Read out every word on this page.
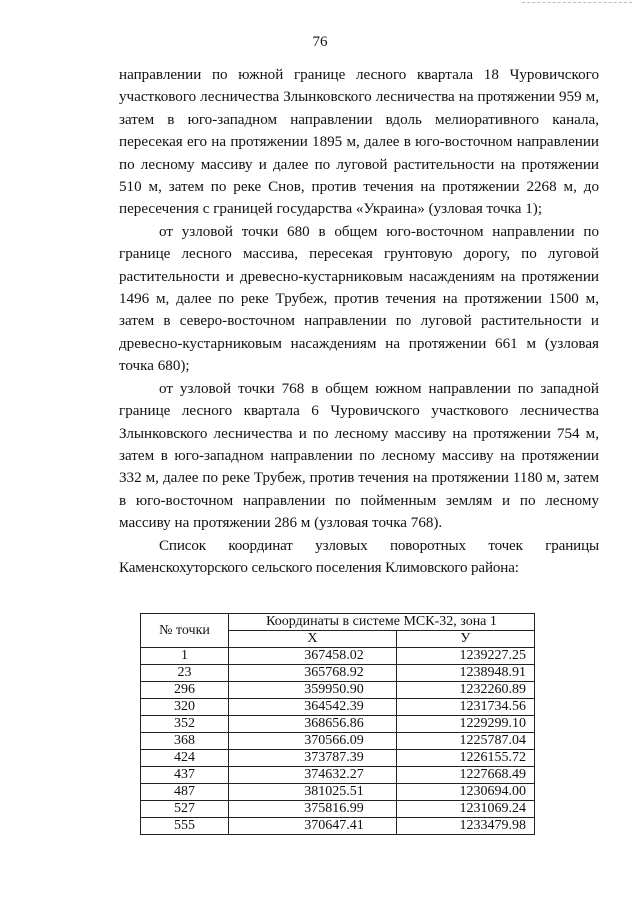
76

направлении по южной границе лесного квартала 18 Чуровичского участкового лесничества Злынковского лесничества на протяжении 959 м, затем в юго-западном направлении вдоль мелиоративного канала, пересекая его на протяжении 1895 м, далее в юго-восточном направлении по лесному массиву и далее по луговой растительности на протяжении 510 м, затем по реке Снов, против течения на протяжении 2268 м, до пересечения с границей государства «Украина» (узловая точка 1);

от узловой точки 680 в общем юго-восточном направлении по границе лесного массива, пересекая грунтовую дорогу, по луговой растительности и древесно-кустарниковым насаждениям на протяжении 1496 м, далее по реке Трубеж, против течения на протяжении 1500 м, затем в северо-восточном направлении по луговой растительности и древесно-кустарниковым насаждениям на протяжении 661 м (узловая точка 680);

от узловой точки 768 в общем южном направлении по западной границе лесного квартала 6 Чуровичского участкового лесничества Злынковского лесничества и по лесному массиву на протяжении 754 м, затем в юго-западном направлении по лесному массиву на протяжении 332 м, далее по реке Трубеж, против течения на протяжении 1180 м, затем в юго-восточном направлении по пойменным землям и по лесному массиву на протяжении 286 м (узловая точка 768).

Список координат узловых поворотных точек границы Каменскохуторского сельского поселения Климовского района:

№ точки	Координаты в системе МСК-32, зона 1	
	X	У
1	367458.02	1239227.25
23	365768.92	1238948.91
296	359950.90	1232260.89
320	364542.39	1231734.56
352	368656.86	1229299.10
368	370566.09	1225787.04
424	373787.39	1226155.72
437	374632.27	1227668.49
487	381025.51	1230694.00
527	375816.99	1231069.24
555	370647.41	1233479.98
